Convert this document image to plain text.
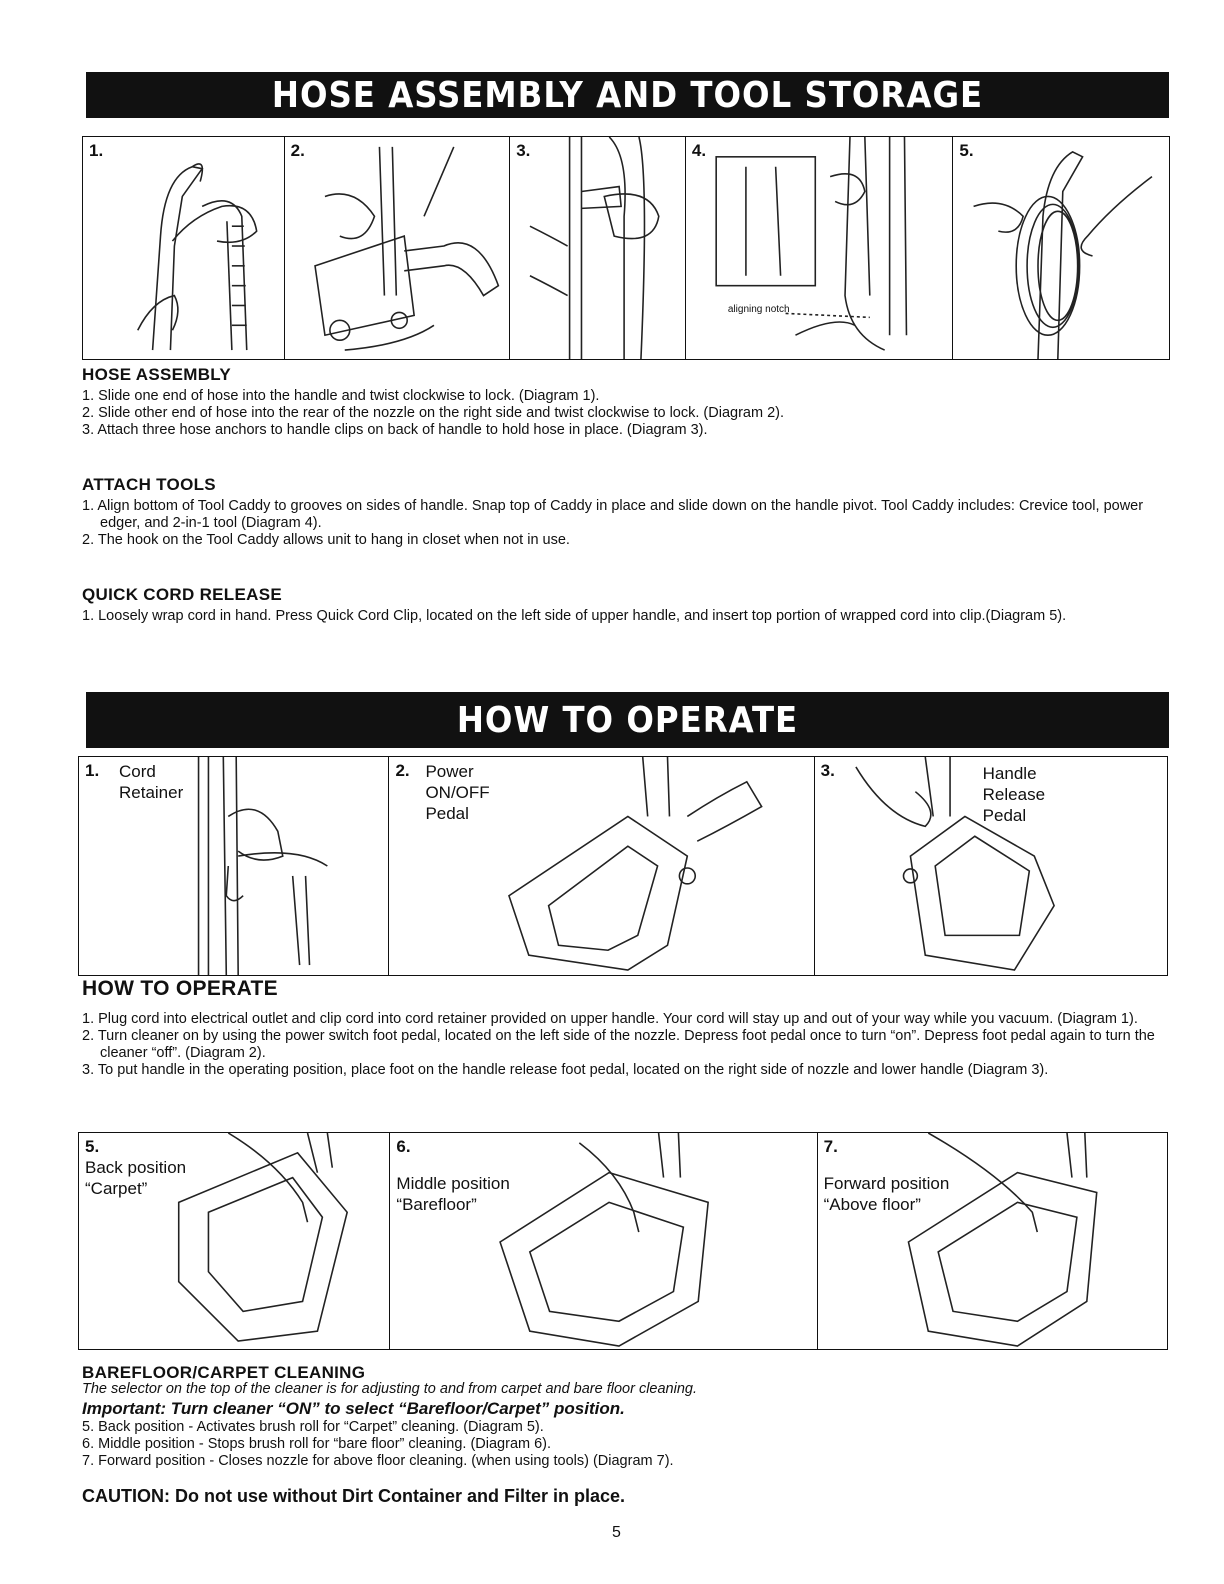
HOSE ASSEMBLY AND TOOL STORAGE
1.	2.	3.	4.
aligning notch
5.
HOSE ASSEMBLY
1. Slide one end of hose into the handle and twist clockwise to lock. (Diagram 1).
2. Slide other end of hose into the rear of the nozzle on the right side and twist clockwise to lock. (Diagram 2).
3. Attach three hose anchors to handle clips on back of handle to hold hose in place. (Diagram 3).
ATTACH TOOLS
1. Align bottom of Tool Caddy to grooves on sides of handle. Snap top of Caddy in place and slide down on the handle pivot. Tool Caddy includes: Crevice tool, power edger, and 2-in-1 tool (Diagram 4).
2. The hook on the Tool Caddy allows unit to hang in closet when not in use.
QUICK CORD RELEASE
1. Loosely wrap cord in hand. Press Quick Cord Clip, located on the left side of upper handle, and insert top portion of wrapped cord into clip.(Diagram 5).
HOW TO OPERATE
1. Cord
Retainer
2. Power
ON/OFF
Pedal
3.	Handle
Release
Pedal
HOW TO OPERATE
1. Plug cord into electrical outlet and clip cord into cord retainer provided on upper handle. Your cord will stay up and out of your way while you vacuum. (Diagram 1).
2. Turn cleaner on by using the power switch foot pedal, located on the left side of the nozzle. Depress foot pedal once to turn “on”. Depress foot pedal again to turn the cleaner “off”. (Diagram 2).
3. To put handle in the operating position, place foot on the handle release foot pedal, located on the right side of nozzle and lower handle (Diagram 3).
5.
Back position
“Carpet”
6.
Middle position
“Barefloor”
7.
Forward position
“Above floor”
BAREFLOOR/CARPET CLEANING
The selector on the top of the cleaner is for adjusting to and from carpet and bare floor cleaning.
Important: Turn cleaner “ON” to select “Barefloor/Carpet” position.
5. Back position - Activates brush roll for “Carpet” cleaning. (Diagram 5).
6. Middle position - Stops brush roll for “bare floor” cleaning. (Diagram 6).
7. Forward position - Closes nozzle for above floor cleaning. (when using tools) (Diagram 7).
CAUTION: Do not use without Dirt Container and Filter in place.
5
